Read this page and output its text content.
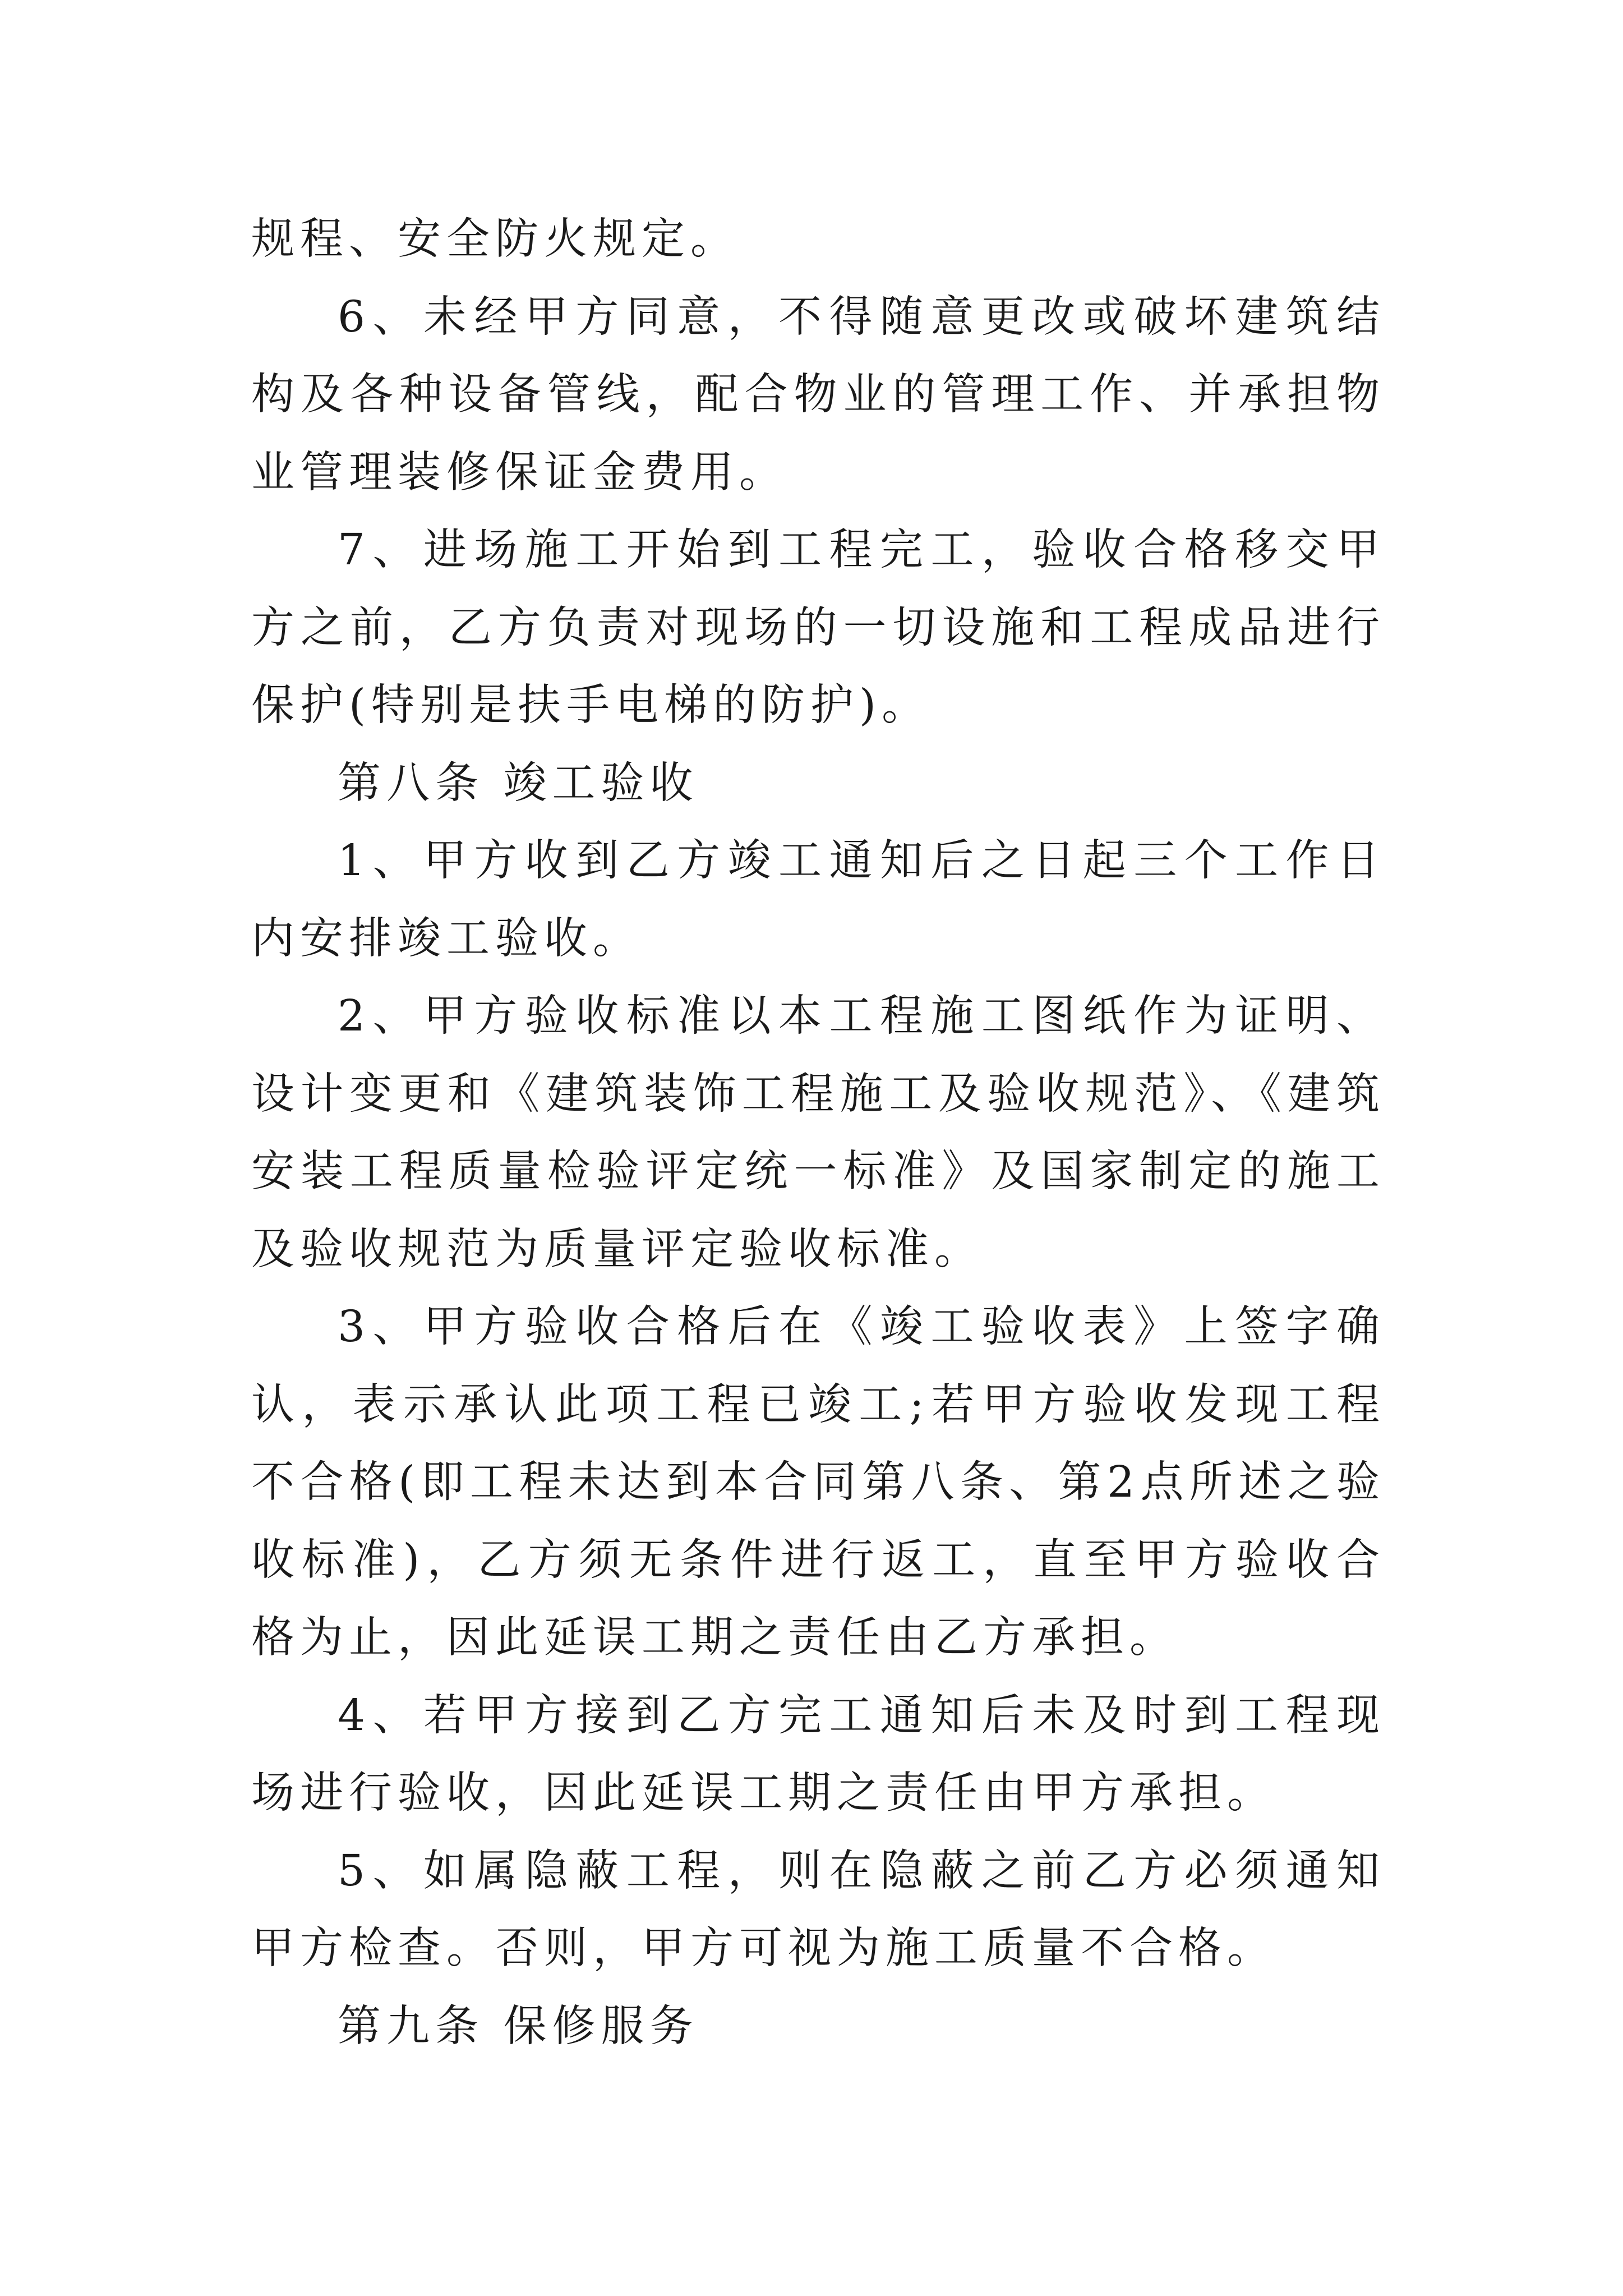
规程、安全防火规定。

6、未经甲方同意，不得随意更改或破坏建筑结构及各种设备管线，配合物业的管理工作、并承担物业管理装修保证金费用。

7、进场施工开始到工程完工，验收合格移交甲方之前，乙方负责对现场的一切设施和工程成品进行保护(特别是扶手电梯的防护)。

第八条 竣工验收

1、甲方收到乙方竣工通知后之日起三个工作日内安排竣工验收。

2、甲方验收标准以本工程施工图纸作为证明、设计变更和《建筑装饰工程施工及验收规范》、《建筑安装工程质量检验评定统一标准》及国家制定的施工及验收规范为质量评定验收标准。

3、甲方验收合格后在《竣工验收表》上签字确认，表示承认此项工程已竣工;若甲方验收发现工程不合格(即工程未达到本合同第八条、第2点所述之验收标准)，乙方须无条件进行返工，直至甲方验收合格为止，因此延误工期之责任由乙方承担。

4、若甲方接到乙方完工通知后未及时到工程现场进行验收，因此延误工期之责任由甲方承担。

5、如属隐蔽工程，则在隐蔽之前乙方必须通知甲方检查。否则，甲方可视为施工质量不合格。

第九条 保修服务
